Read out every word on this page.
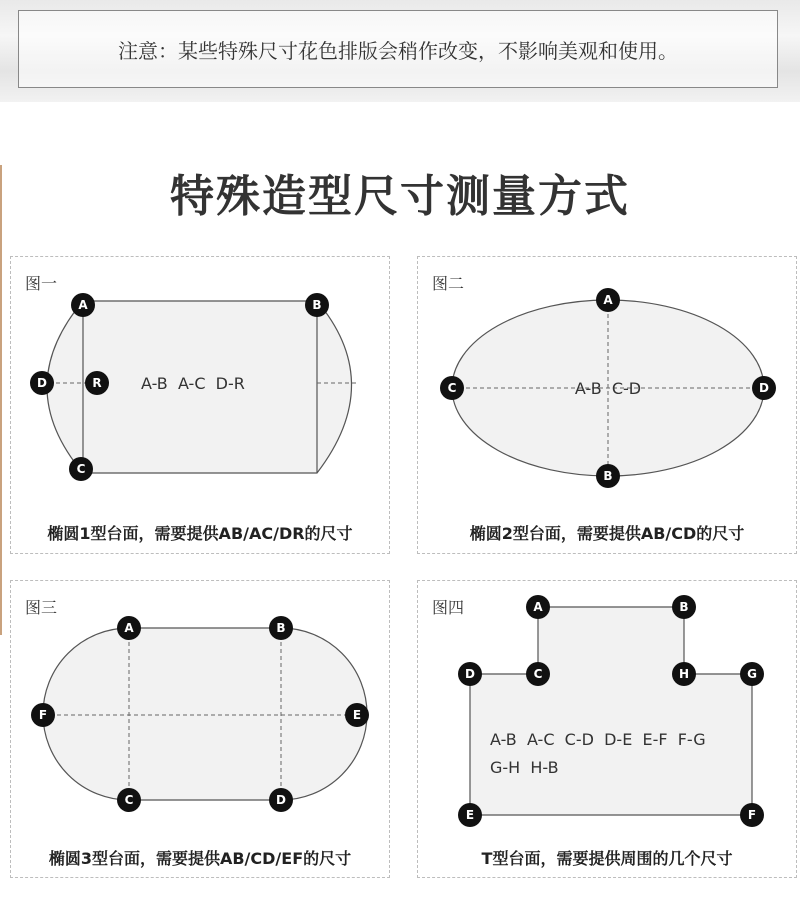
注意：某些特殊尺寸花色排版会稍作改变，不影响美观和使用。
特殊造型尺寸测量方式
图一
A-B  A-C  D-R
A	B
C
D	R
椭圆1型台面，需要提供AB/AC/DR的尺寸
图二
A-B  C-D
A
B
C	D
椭圆2型台面，需要提供AB/CD的尺寸
图三
A	B
C	D
E
F
椭圆3型台面，需要提供AB/CD/EF的尺寸
图四
A-B  A-C  C-D  D-E  E-F  F-G
G-H  H-B
A	B
C
D
E	F
G
H
T型台面，需要提供周围的几个尺寸
